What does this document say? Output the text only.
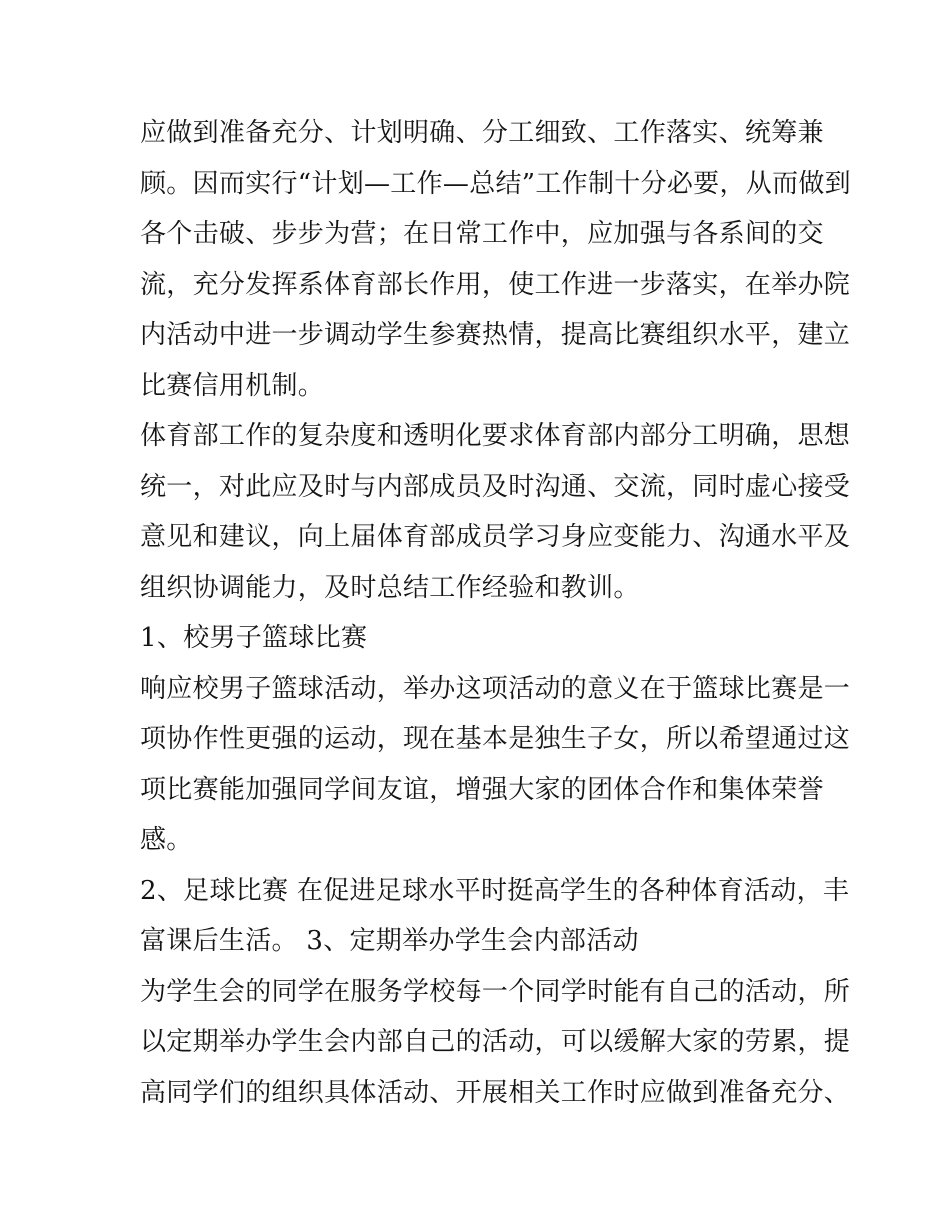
应做到准备充分、计划明确、分工细致、工作落实、统筹兼
顾。因而实行“计划—工作—总结”工作制十分必要，从而做到
各个击破、步步为营；在日常工作中，应加强与各系间的交
流，充分发挥系体育部长作用，使工作进一步落实，在举办院
内活动中进一步调动学生参赛热情，提高比赛组织水平，建立
比赛信用机制。
体育部工作的复杂度和透明化要求体育部内部分工明确，思想
统一，对此应及时与内部成员及时沟通、交流，同时虚心接受
意见和建议，向上届体育部成员学习身应变能力、沟通水平及
组织协调能力，及时总结工作经验和教训。
1、校男子篮球比赛
响应校男子篮球活动，举办这项活动的意义在于篮球比赛是一
项协作性更强的运动，现在基本是独生子女，所以希望通过这
项比赛能加强同学间友谊，增强大家的团体合作和集体荣誉
感。
2、足球比赛 在促进足球水平时挺高学生的各种体育活动，丰
富课后生活。 3、定期举办学生会内部活动
为学生会的同学在服务学校每一个同学时能有自己的活动，所
以定期举办学生会内部自己的活动，可以缓解大家的劳累，提
高同学们的组织具体活动、开展相关工作时应做到准备充分、
